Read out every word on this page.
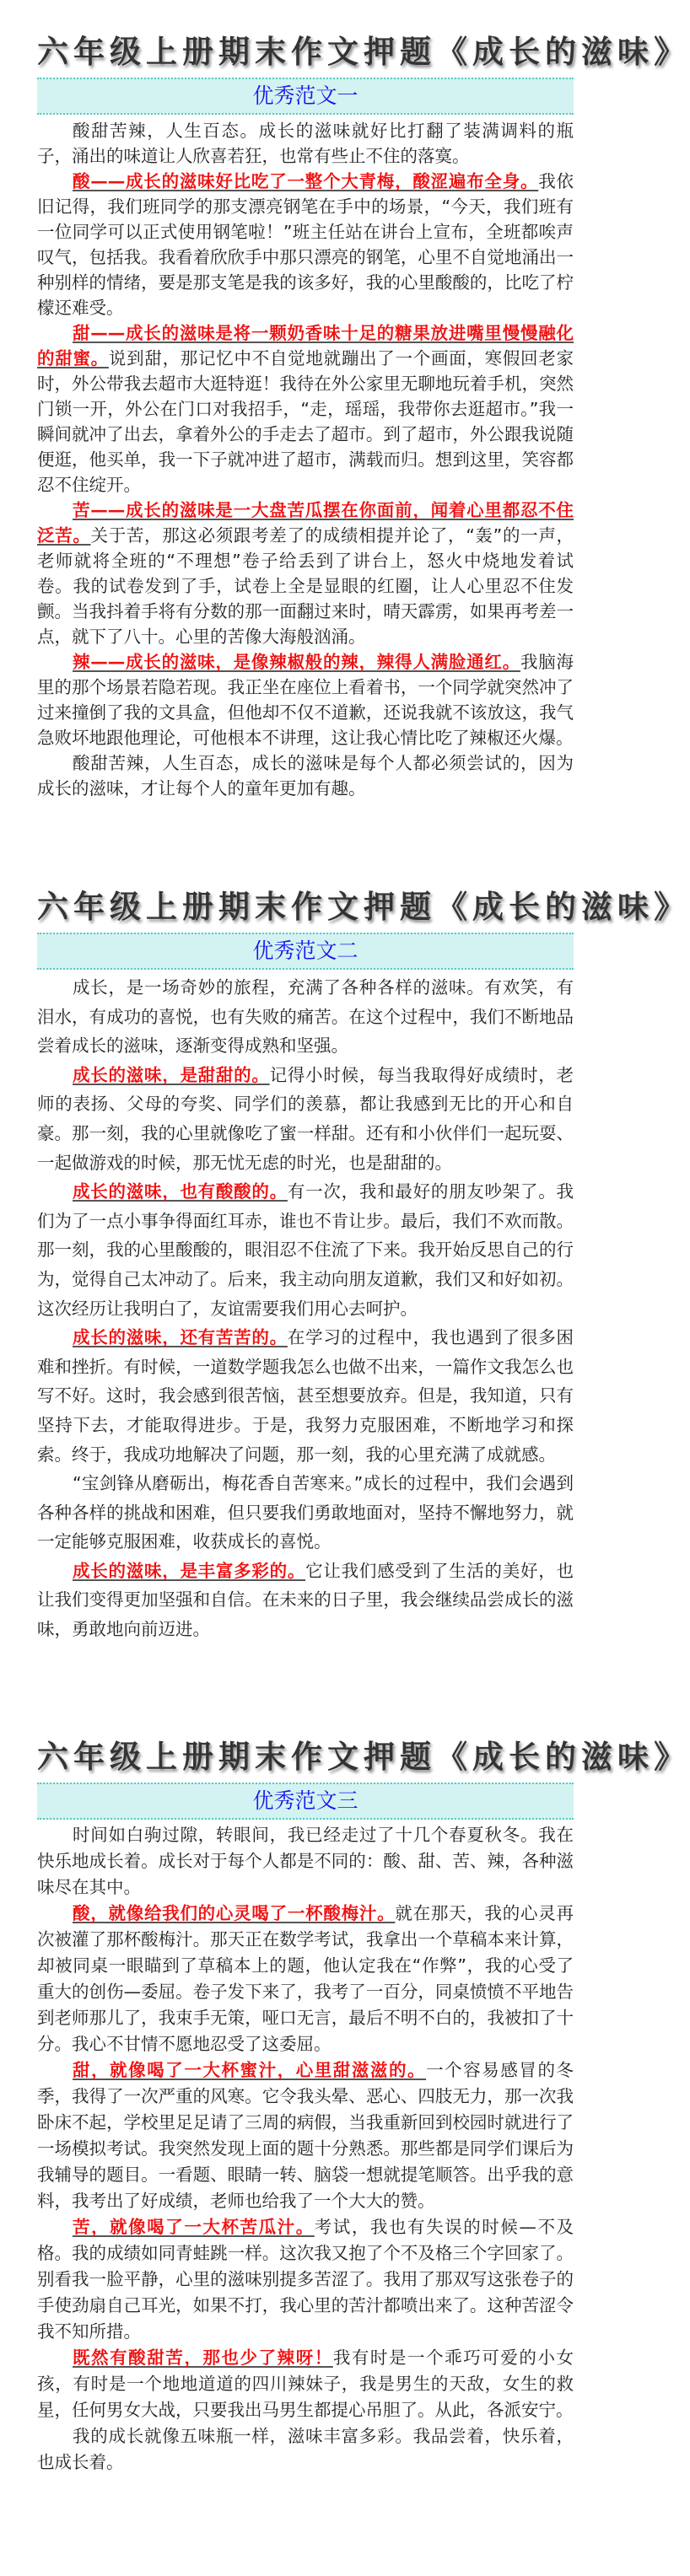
六年级上册期末作文押题《成长的滋味》
优秀范文一

酸甜苦辣，人生百态。成长的滋味就好比打翻了装满调料的瓶子，涌出的味道让人欣喜若狂，也常有些止不住的落寞。

酸——成长的滋味好比吃了一整个大青梅，酸涩遍布全身。我依旧记得，我们班同学的那支漂亮钢笔在手中的场景，“今天，我们班有一位同学可以正式使用钢笔啦！”班主任站在讲台上宣布，全班都唉声叹气，包括我。我看着欣欣手中那只漂亮的钢笔，心里不自觉地涌出一种别样的情绪，要是那支笔是我的该多好，我的心里酸酸的，比吃了柠檬还难受。

甜——成长的滋味是将一颗奶香味十足的糖果放进嘴里慢慢融化的甜蜜。说到甜，那记忆中不自觉地就蹦出了一个画面，寒假回老家时，外公带我去超市大逛特逛！我待在外公家里无聊地玩着手机，突然门锁一开，外公在门口对我招手，“走，瑶瑶，我带你去逛超市。”我一瞬间就冲了出去，拿着外公的手走去了超市。到了超市，外公跟我说随便逛，他买单，我一下子就冲进了超市，满载而归。想到这里，笑容都忍不住绽开。

苦——成长的滋味是一大盘苦瓜摆在你面前，闻着心里都忍不住泛苦。关于苦，那这必须跟考差了的成绩相提并论了，“轰”的一声，老师就将全班的“不理想”卷子给丢到了讲台上，怒火中烧地发着试卷。我的试卷发到了手，试卷上全是显眼的红圈，让人心里忍不住发颤。当我抖着手将有分数的那一面翻过来时，晴天霹雳，如果再考差一点，就下了八十。心里的苦像大海般汹涌。

辣——成长的滋味，是像辣椒般的辣，辣得人满脸通红。我脑海里的那个场景若隐若现。我正坐在座位上看着书，一个同学就突然冲了过来撞倒了我的文具盒，但他却不仅不道歉，还说我就不该放这，我气急败坏地跟他理论，可他根本不讲理，这让我心情比吃了辣椒还火爆。

酸甜苦辣，人生百态，成长的滋味是每个人都必须尝试的，因为成长的滋味，才让每个人的童年更加有趣。

六年级上册期末作文押题《成长的滋味》
优秀范文二

成长，是一场奇妙的旅程，充满了各种各样的滋味。有欢笑，有泪水，有成功的喜悦，也有失败的痛苦。在这个过程中，我们不断地品尝着成长的滋味，逐渐变得成熟和坚强。

成长的滋味，是甜甜的。记得小时候，每当我取得好成绩时，老师的表扬、父母的夸奖、同学们的羡慕，都让我感到无比的开心和自豪。那一刻，我的心里就像吃了蜜一样甜。还有和小伙伴们一起玩耍、一起做游戏的时候，那无忧无虑的时光，也是甜甜的。

成长的滋味，也有酸酸的。有一次，我和最好的朋友吵架了。我们为了一点小事争得面红耳赤，谁也不肯让步。最后，我们不欢而散。那一刻，我的心里酸酸的，眼泪忍不住流了下来。我开始反思自己的行为，觉得自己太冲动了。后来，我主动向朋友道歉，我们又和好如初。这次经历让我明白了，友谊需要我们用心去呵护。

成长的滋味，还有苦苦的。在学习的过程中，我也遇到了很多困难和挫折。有时候，一道数学题我怎么也做不出来，一篇作文我怎么也写不好。这时，我会感到很苦恼，甚至想要放弃。但是，我知道，只有坚持下去，才能取得进步。于是，我努力克服困难，不断地学习和探索。终于，我成功地解决了问题，那一刻，我的心里充满了成就感。

“宝剑锋从磨砺出，梅花香自苦寒来。”成长的过程中，我们会遇到各种各样的挑战和困难，但只要我们勇敢地面对，坚持不懈地努力，就一定能够克服困难，收获成长的喜悦。

成长的滋味，是丰富多彩的。它让我们感受到了生活的美好，也让我们变得更加坚强和自信。在未来的日子里，我会继续品尝成长的滋味，勇敢地向前迈进。

六年级上册期末作文押题《成长的滋味》
优秀范文三

时间如白驹过隙，转眼间，我已经走过了十几个春夏秋冬。我在快乐地成长着。成长对于每个人都是不同的：酸、甜、苦、辣，各种滋味尽在其中。

酸，就像给我们的心灵喝了一杯酸梅汁。就在那天，我的心灵再次被灌了那杯酸梅汁。那天正在数学考试，我拿出一个草稿本来计算，却被同桌一眼瞄到了草稿本上的题，他认定我在“作弊”，我的心受了重大的创伤—委屈。卷子发下来了，我考了一百分，同桌愤愤不平地告到老师那儿了，我束手无策，哑口无言，最后不明不白的，我被扣了十分。我心不甘情不愿地忍受了这委屈。

甜，就像喝了一大杯蜜汁，心里甜滋滋的。一个容易感冒的冬季，我得了一次严重的风寒。它令我头晕、恶心、四肢无力，那一次我卧床不起，学校里足足请了三周的病假，当我重新回到校园时就进行了一场模拟考试。我突然发现上面的题十分熟悉。那些都是同学们课后为我辅导的题目。一看题、眼睛一转、脑袋一想就提笔顺答。出乎我的意料，我考出了好成绩，老师也给我了一个大大的赞。

苦，就像喝了一大杯苦瓜汁。考试，我也有失误的时候—不及格。我的成绩如同青蛙跳一样。这次我又抱了个不及格三个字回家了。别看我一脸平静，心里的滋味别提多苦涩了。我用了那双写这张卷子的手使劲扇自己耳光，如果不打，我心里的苦汁都喷出来了。这种苦涩令我不知所措。

既然有酸甜苦，那也少了辣呀！我有时是一个乖巧可爱的小女孩，有时是一个地地道道的四川辣妹子，我是男生的天敌，女生的救星，任何男女大战，只要我出马男生都提心吊胆了。从此，各派安宁。

我的成长就像五味瓶一样，滋味丰富多彩。我品尝着，快乐着，也成长着。
